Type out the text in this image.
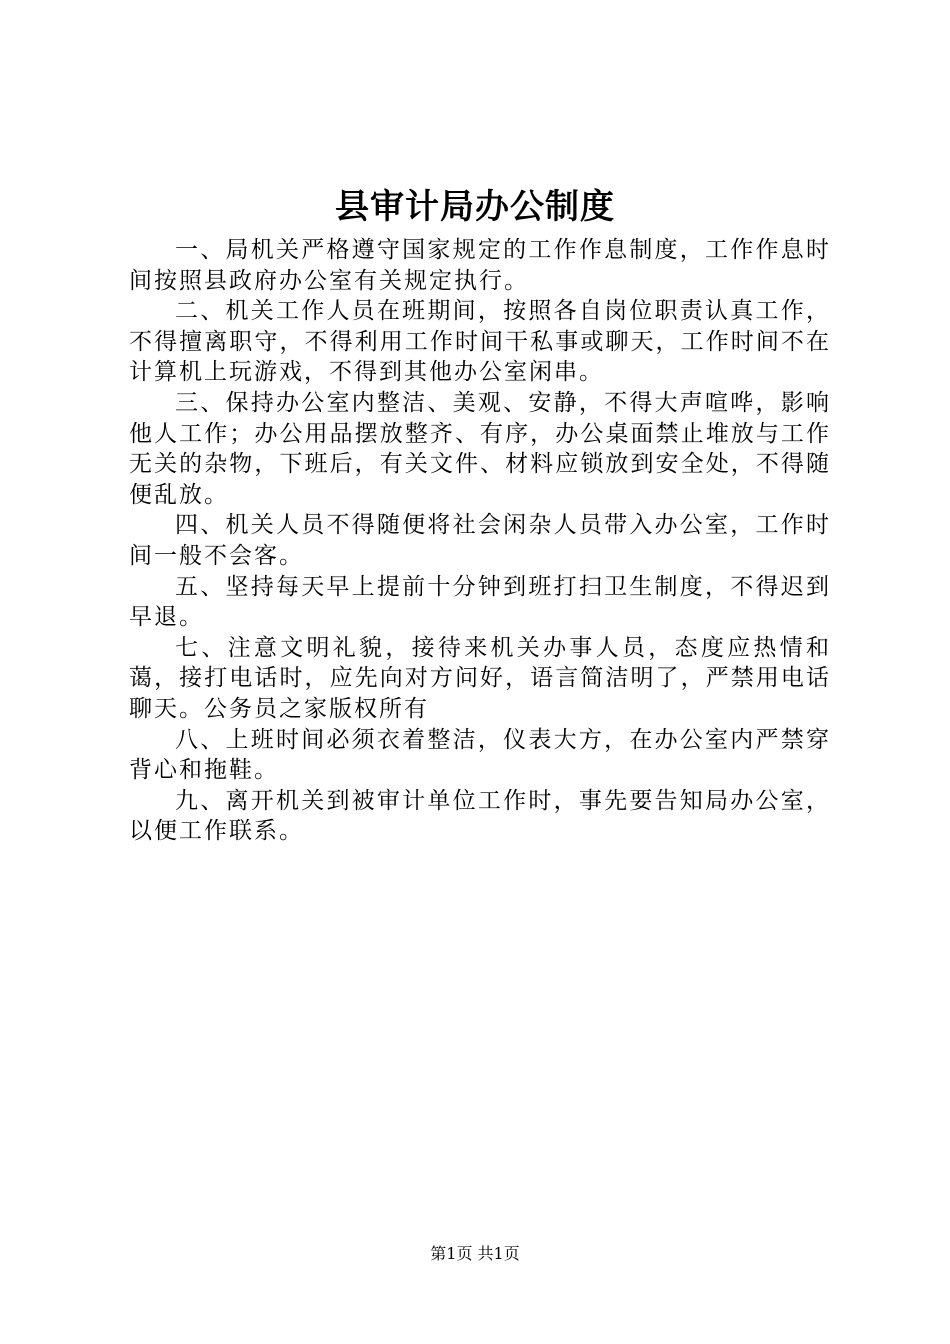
县审计局办公制度

一、局机关严格遵守国家规定的工作作息制度，工作作息时间按照县政府办公室有关规定执行。

二、机关工作人员在班期间，按照各自岗位职责认真工作，不得擅离职守，不得利用工作时间干私事或聊天，工作时间不在计算机上玩游戏，不得到其他办公室闲串。

三、保持办公室内整洁、美观、安静，不得大声喧哗，影响他人工作；办公用品摆放整齐、有序，办公桌面禁止堆放与工作无关的杂物，下班后，有关文件、材料应锁放到安全处，不得随便乱放。

四、机关人员不得随便将社会闲杂人员带入办公室，工作时间一般不会客。

五、坚持每天早上提前十分钟到班打扫卫生制度，不得迟到早退。

七、注意文明礼貌，接待来机关办事人员，态度应热情和蔼，接打电话时，应先向对方问好，语言简洁明了，严禁用电话聊天。公务员之家版权所有

八、上班时间必须衣着整洁，仪表大方，在办公室内严禁穿背心和拖鞋。

九、离开机关到被审计单位工作时，事先要告知局办公室，以便工作联系。

第1页 共1页
